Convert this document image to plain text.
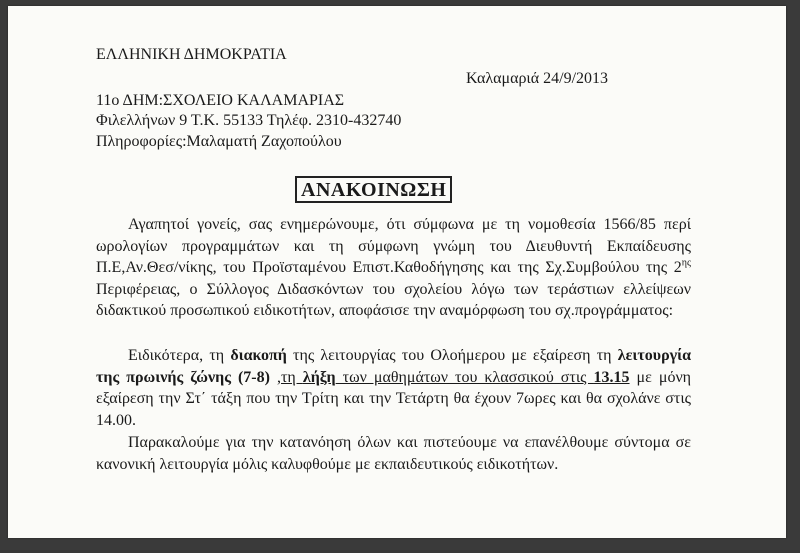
ΕΛΛΗΝΙΚΗ ΔΗΜΟΚΡΑΤΙΑ
Καλαμαριά 24/9/2013
11ο ΔΗΜ:ΣΧΟΛΕΙΟ ΚΑΛΑΜΑΡΙΑΣ
Φιλελλήνων 9 Τ.Κ. 55133 Τηλέφ. 2310-432740
Πληροφορίες:Μαλαματή Ζαχοπούλου
ΑΝΑΚΟΙΝΩΣΗ
Αγαπητοί γονείς, σας ενημερώνουμε, ότι σύμφωνα με τη νομοθεσία 1566/85 περί ωρολογίων προγραμμάτων και τη σύμφωνη γνώμη του Διευθυντή Εκπαίδευσης Π.Ε,Αν.Θεσ/νίκης, του Προϊσταμένου Επιστ.Καθοδήγησης και της Σχ.Συμβούλου της $2^{\eta\varsigma}$ Περιφέρειας, ο Σύλλογος Διδασκόντων του σχολείου λόγω των τεράστιων ελλείψεων διδακτικού προσωπικού ειδικοτήτων, αποφάσισε την αναμόρφωση του σχ.προγράμματος:
Ειδικότερα, τη διακοπή της λειτουργίας του Ολοήμερου με εξαίρεση τη λειτουργία της πρωινής ζώνης (7-8) ,τη λήξη των μαθημάτων του κλασσικού στις 13.15 με μόνη εξαίρεση την Στ΄ τάξη που την Τρίτη και την Τετάρτη θα έχουν 7ωρες και θα σχολάνε στις 14.00.
Παρακαλούμε για την κατανόηση όλων και πιστεύουμε να επανέλθουμε σύντομα σε κανονική λειτουργία μόλις καλυφθούμε με εκπαιδευτικούς ειδικοτήτων.
